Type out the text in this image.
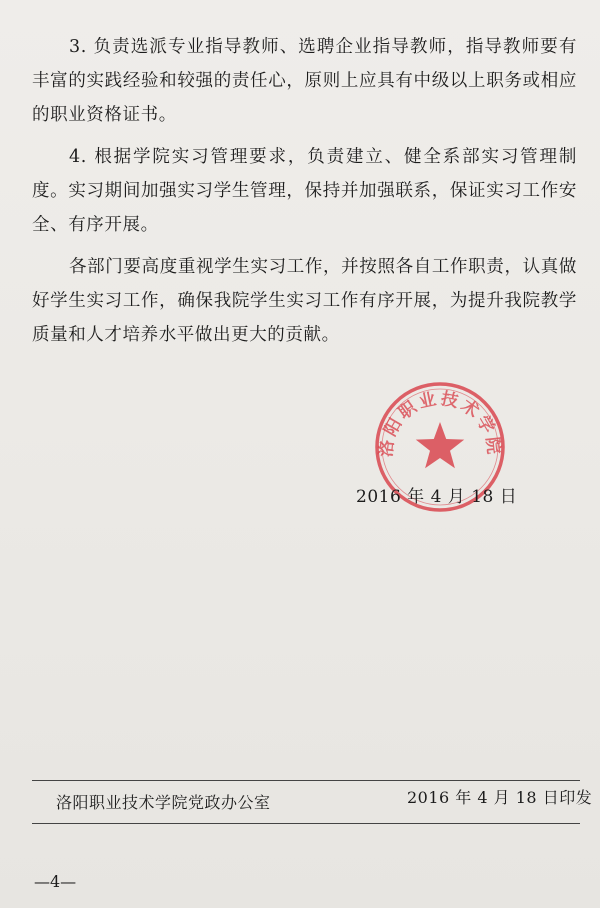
3. 负责选派专业指导教师、选聘企业指导教师，指导教师要有丰富的实践经验和较强的责任心，原则上应具有中级以上职务或相应的职业资格证书。

4. 根据学院实习管理要求，负责建立、健全系部实习管理制度。实习期间加强实习学生管理，保持并加强联系，保证实习工作安全、有序开展。

各部门要高度重视学生实习工作，并按照各自工作职责，认真做好学生实习工作，确保我院学生实习工作有序开展，为提升我院教学质量和人才培养水平做出更大的贡献。

洛阳职业技术学院
2016 年 4 月 18 日
洛阳职业技术学院党政办公室	2016 年 4 月 18 日印发
—4—
